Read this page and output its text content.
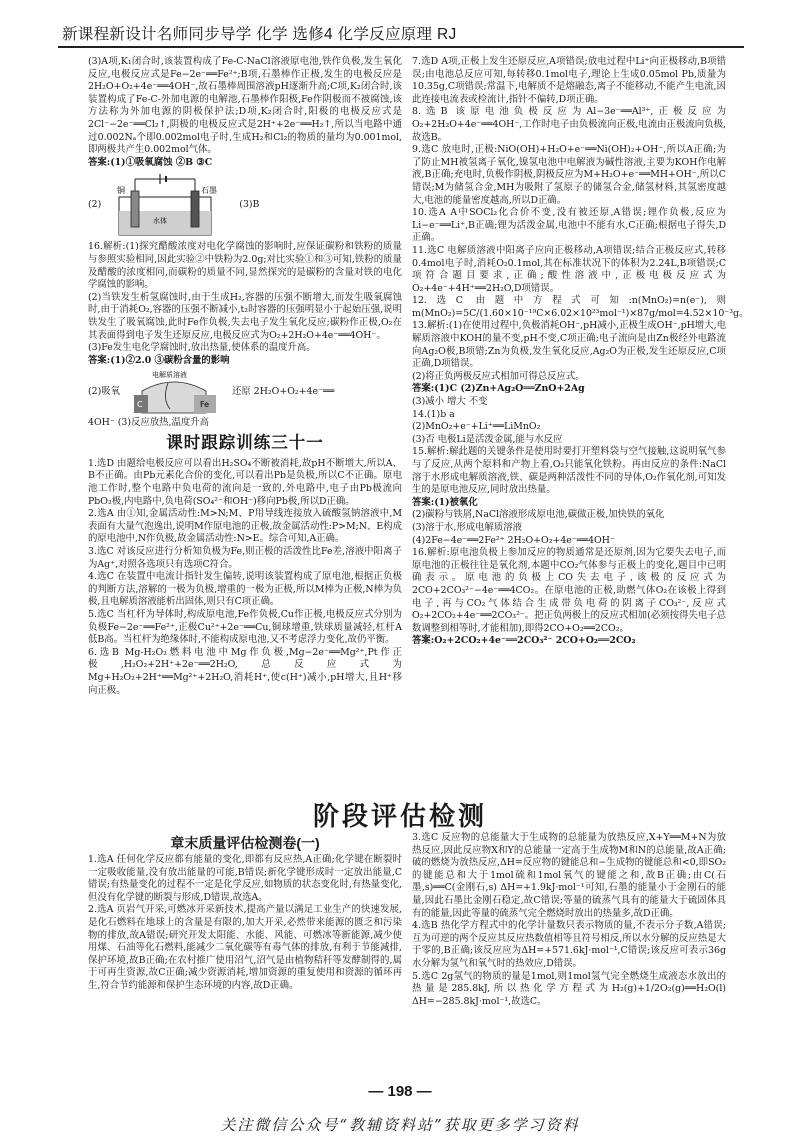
新课程新设计名师同步导学 化学 选修4 化学反应原理 RJ

(3)A项,K₁闭合时,该装置构成了Fe-C-NaCl溶液原电池,铁作负极,发生氧化反应,电极反应式是Fe−2e⁻══Fe²⁺;B项,石墨棒作正极,发生的电极反应是2H₂O+O₂+4e⁻══4OH⁻,故石墨棒周围溶液pH逐渐升高;C项,K₂闭合时,该装置构成了Fe-C-外加电源的电解池,石墨棒作阳极,Fe作阴极而不被腐蚀,该方法称为外加电源的阴极保护法;D项,K₂闭合时,阳极的电极反应式是2Cl⁻−2e⁻══Cl₂↑,阴极的电极反应式是2H⁺+2e⁻══H₂↑,所以当电路中通过0.002Nₐ个即0.002mol电子时,生成H₂和Cl₂的物质的量均为0.001mol,即两极共产生0.002mol气体。

答案:(1)①吸氧腐蚀 ②B ③C

(2)
铜	石墨
水体
(3)B

16.解析:(1)探究醋酸浓度对电化学腐蚀的影响时,应保证碳粉和铁粉的质量与参照实验相同,因此实验②中铁粉为2.0g;对比实验①和③可知,铁粉的质量及醋酸的浓度相同,而碳粉的质量不同,显然探究的是碳粉的含量对铁的电化学腐蚀的影响。

(2)当铁发生析氢腐蚀时,由于生成H₂,容器的压强不断增大,而发生吸氧腐蚀时,由于消耗O₂,容器的压强不断减小,t₂时容器的压强明显小于起始压强,说明铁发生了吸氧腐蚀,此时Fe作负极,失去电子发生氧化反应;碳粉作正极,O₂在其表面得到电子发生还原反应,电极反应式为O₂+2H₂O+4e⁻══4OH⁻。

(3)Fe发生电化学腐蚀时,放出热量,使体系的温度升高。

答案:(1)②2.0 ③碳粉含量的影响

(2)吸氧
电解质溶液
C	Fe
还原 2H₂O+O₂+4e⁻══

4OH⁻ (3)反应放热,温度升高

课时跟踪训练三十一

1.选D 由题给电极反应可以看出H₂SO₄不断被消耗,故pH不断增大,所以A、B不正确。由Pb元素化合价的变化,可以看出Pb是负极,所以C不正确。原电池工作时,整个电路中负电荷的流向是一致的,外电路中,电子由Pb极流向PbO₂极,内电路中,负电荷(SO₄²⁻和OH⁻)移向Pb极,所以D正确。

2.选A 由①知,金属活动性:M>N;M、P用导线连接放入硫酸氢钠溶液中,M表面有大量气泡逸出,说明M作原电池的正极,故金属活动性:P>M;N、E构成的原电池中,N作负极,故金属活动性:N>E。综合可知,A正确。

3.选C 对该反应进行分析知负极为Fe,则正极的活泼性比Fe差,溶液中阳离子为Ag⁺,对照各选项只有选项C符合。

4.选C 在装置中电流计指针发生偏转,说明该装置构成了原电池,根据正负极的判断方法,溶解的一极为负极,增重的一极为正极,所以M棒为正极,N棒为负极,且电解质溶液能析出固体,则只有C项正确。

5.选C 当杠杆为导体时,构成原电池,Fe作负极,Cu作正极,电极反应式分别为负极Fe−2e⁻══Fe²⁺,正极Cu²⁺+2e⁻══Cu,铜球增重,铁球质量减轻,杠杆A低B高。当杠杆为绝缘体时,不能构成原电池,又不考虑浮力变化,故仍平衡。

6.选B Mg-H₂O₂燃料电池中Mg作负极,Mg−2e⁻══Mg²⁺,Pt作正极,H₂O₂+2H⁺+2e⁻══2H₂O,总反应式为Mg+H₂O₂+2H⁺══Mg²⁺+2H₂O,消耗H⁺,使c(H⁺)减小,pH增大,且H⁺移向正极。

7.选D A项,正极上发生还原反应,A项错误;放电过程中Li⁺向正极移动,B项错误;由电池总反应可知,每转移0.1mol电子,理论上生成0.05mol Pb,质量为10.35g,C项错误;常温下,电解质不是熔融态,离子不能移动,不能产生电流,因此连接电流表或检流计,指针不偏转,D项正确。

8.选B 该原电池负极反应为Al−3e⁻══Al³⁺,正极反应为O₂+2H₂O+4e⁻══4OH⁻,工作时电子由负极流向正极,电流由正极流向负极,故选B。

9.选C 放电时,正极:NiO(OH)+H₂O+e⁻══Ni(OH)₂+OH⁻,所以A正确;为了防止MH被氢离子氧化,镍氢电池中电解液为碱性溶液,主要为KOH作电解液,B正确;充电时,负极作阴极,阴极反应为M+H₂O+e⁻══MH+OH⁻,所以C错误;M为储氢合金,MH为吸附了氢原子的储氢合金,储氢材料,其氢密度越大,电池的能量密度越高,所以D正确。

10.选A A中SOCl₂化合价不变,没有被还原,A错误;锂作负极,反应为Li−e⁻══Li⁺,B正确;锂为活泼金属,电池中不能有水,C正确;根据电子得失,D正确。

11.选C 电解质溶液中阳离子应向正极移动,A项错误;结合正极反应式,转移0.4mol电子时,消耗O₂0.1mol,其在标准状况下的体积为2.24L,B项错误;C项符合题目要求,正确;酸性溶液中,正极电极反应式为O₂+4e⁻+4H⁺══2H₂O,D项错误。

12.选C 由题中方程式可知:n(MnO₂)=n(e⁻),则m(MnO₂)=5C/(1.60×10⁻¹⁹C×6.02×10²³mol⁻¹)×87g/mol=4.52×10⁻³g。

13.解析:(1)在使用过程中,负极消耗OH⁻,pH减小,正极生成OH⁻,pH增大,电解质溶液中KOH的量不变,pH不变,C项正确;电子流向是由Zn极经外电路流向Ag₂O极,B项错;Zn为负极,发生氧化反应,Ag₂O为正极,发生还原反应,C项正确,D项错误。

(2)将正负两极反应式相加可得总反应式。

答案:(1)C (2)Zn+Ag₂O══ZnO+2Ag

(3)减小 增大 不变

14.(1)b a

(2)MnO₂+e⁻+Li⁺══LiMnO₂

(3)否 电极Li是活泼金属,能与水反应

15.解析:解此题的关键条件是使用时要打开塑料袋与空气接触,这说明氧气参与了反应,从两个原料和产物上看,O₂只能氧化铁粉。再由反应的条件:NaCl溶于水形成电解质溶液,铁、碳是两种活泼性不同的导体,O₂作氧化剂,可知发生的是原电池反应,同时放出热量。

答案:(1)被氧化

(2)碳粉与铁屑,NaCl溶液形成原电池,碳做正极,加快铁的氧化

(3)溶于水,形成电解质溶液

(4)2Fe−4e⁻══2Fe²⁺ 2H₂O+O₂+4e⁻══4OH⁻

16.解析:原电池负极上参加反应的物质通常是还原剂,因为它要失去电子,而原电池的正极往往是氧化剂,本题中CO₂气体参与正极上的变化,题目中已明确表示。原电池的负极上CO失去电子,该极的反应式为2CO+2CO₃²⁻−4e⁻══4CO₂。在原电池的正极,助燃气体O₂在该极上得到电子,再与CO₂气体结合生成带负电荷的阴离子CO₃²⁻,反应式O₂+2CO₂+4e⁻══2CO₃²⁻。把正负两极上的反应式相加(必须按得失电子总数调整到相等时,才能相加),即得2CO+O₂══2CO₂。

答案:O₂+2CO₂+4e⁻══2CO₃²⁻ 2CO+O₂══2CO₂

阶段评估检测
章末质量评估检测卷(一)

1.选A 任何化学反应都有能量的变化,即都有反应热,A正确;化学键在断裂时一定吸收能量,没有放出能量的可能,B错误;新化学键形成时一定放出能量,C错误;有热量变化的过程不一定是化学反应,如物质的状态变化时,有热量变化,但没有化学键的断裂与形成,D错误,故选A。

2.选A 页岩气开采,可燃冰开采新技术,提高产量以满足工业生产的快速发展,是化石燃料在地球上的含量是有限的,加大开采,必然带来能源的匮乏和污染物的排放,故A错误;研究开发太阳能、水能、风能、可燃冰等新能源,减少使用煤、石油等化石燃料,能减少二氧化碳等有毒气体的排放,有利于节能减排,保护环境,故B正确;在农村推广使用沼气,沼气是由植物秸秆等发酵制得的,属于可再生资源,故C正确;减少资源消耗,增加资源的重复使用和资源的循环再生,符合节约能源和保护生态环境的内容,故D正确。

3.选C 反应物的总能量大于生成物的总能量为放热反应,X+Y══M+N为放热反应,因此反应物X和Y的总能量一定高于生成物M和N的总能量,故A正确;破的燃烧为放热反应,ΔH=反应物的键能总和−生成物的键能总和<0,即SO₂的键能总和大于1mol硫和1mol氧气的键能之和,故B正确;由C(石墨,s)══C(金刚石,s) ΔH=+1.9kJ·mol⁻¹可知,石墨的能量小于金刚石的能量,因此石墨比金刚石稳定,故C错误;等量的硫蒸气具有的能量大于硫固体具有的能量,因此等量的硫蒸气完全燃烧时放出的热量多,故D正确。

4.选B 热化学方程式中的化学计量数只表示物质的量,不表示分子数,A错误;互为可逆的两个反应其反应热数值相等且符号相反,所以水分解的反应热是大于零的,B正确;该反应应为ΔH=+571.6kJ·mol⁻¹,C错误;该反应可表示36g水分解为氢气和氧气时的热效应,D错误。

5.选C 2g氢气的物质的量是1mol,则1mol氢气完全燃烧生成液态水放出的热量是285.8kJ,所以热化学方程式为H₂(g)+1/2O₂(g)══H₂O(l) ΔH=−285.8kJ·mol⁻¹,故选C。

— 198 —
关注微信公众号“教辅资料站”获取更多学习资料
